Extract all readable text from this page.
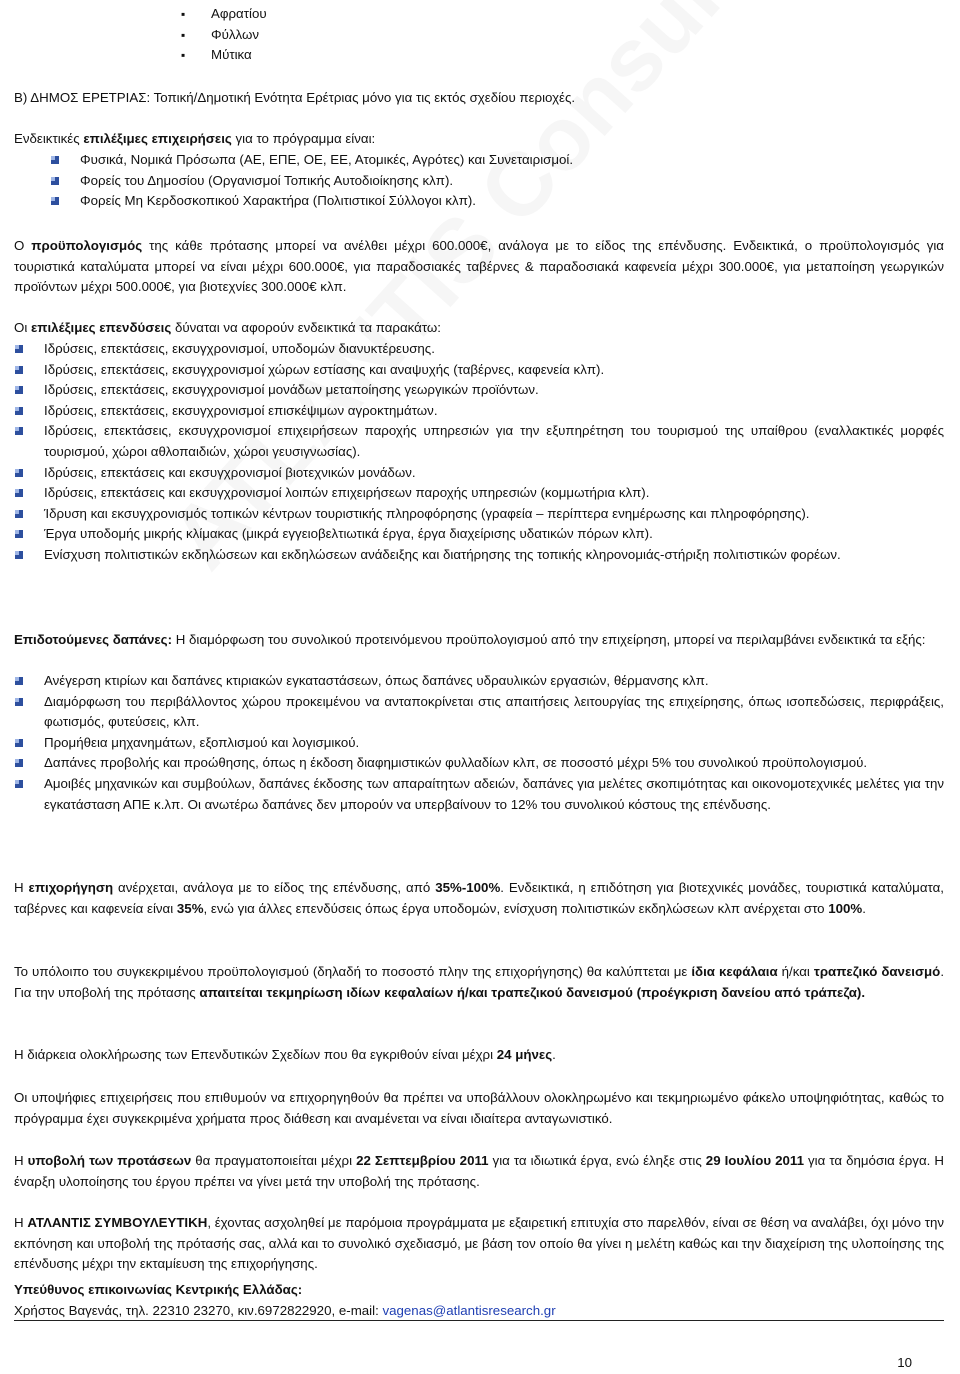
▪ Αφρατίου
▪ Φύλλων
▪ Μύτικα
Β) ΔΗΜΟΣ ΕΡΕΤΡΙΑΣ: Τοπική/Δημοτική Ενότητα Ερέτριας μόνο για τις εκτός σχεδίου περιοχές.
Ενδεικτικές επιλέξιμες επιχειρήσεις για το πρόγραμμα είναι:
Φυσικά, Νομικά Πρόσωπα (ΑΕ, ΕΠΕ, ΟΕ, ΕΕ, Ατομικές, Αγρότες) και Συνεταιρισμοί.
Φορείς του Δημοσίου (Οργανισμοί Τοπικής Αυτοδιοίκησης κλπ).
Φορείς Μη Κερδοσκοπικού Χαρακτήρα (Πολιτιστικοί Σύλλογοι κλπ).
Ο προϋπολογισμός της κάθε πρότασης μπορεί να ανέλθει μέχρι 600.000€, ανάλογα με το είδος της επένδυσης. Ενδεικτικά, ο προϋπολογισμός για τουριστικά καταλύματα μπορεί να είναι μέχρι 600.000€, για παραδοσιακές ταβέρνες & παραδοσιακά καφενεία μέχρι 300.000€, για μεταποίηση γεωργικών προϊόντων μέχρι 500.000€, για βιοτεχνίες 300.000€ κλπ.
Οι επιλέξιμες επενδύσεις δύναται να αφορούν ενδεικτικά τα παρακάτω:
Ιδρύσεις, επεκτάσεις, εκσυγχρονισμοί, υποδομών διανυκτέρευσης.
Ιδρύσεις, επεκτάσεις, εκσυγχρονισμοί χώρων εστίασης και αναψυχής (ταβέρνες, καφενεία κλπ).
Ιδρύσεις, επεκτάσεις, εκσυγχρονισμοί μονάδων μεταποίησης γεωργικών προϊόντων.
Ιδρύσεις, επεκτάσεις, εκσυγχρονισμοί επισκέψιμων αγροκτημάτων.
Ιδρύσεις, επεκτάσεις, εκσυγχρονισμοί επιχειρήσεων παροχής υπηρεσιών για την εξυπηρέτηση του τουρισμού της υπαίθρου (εναλλακτικές μορφές τουρισμού, χώροι αθλοπαιδιών, χώροι γευσιγνωσίας).
Ιδρύσεις, επεκτάσεις και εκσυγχρονισμοί βιοτεχνικών μονάδων.
Ιδρύσεις, επεκτάσεις και εκσυγχρονισμοί λοιπών επιχειρήσεων παροχής υπηρεσιών (κομμωτήρια κλπ).
Ίδρυση και εκσυγχρονισμός τοπικών κέντρων τουριστικής πληροφόρησης (γραφεία – περίπτερα ενημέρωσης και πληροφόρησης).
Έργα υποδομής μικρής κλίμακας (μικρά εγγειοβελτιωτικά έργα, έργα διαχείρισης υδατικών πόρων κλπ).
Ενίσχυση πολιτιστικών εκδηλώσεων και εκδηλώσεων ανάδειξης και διατήρησης της τοπικής κληρονομιάς-στήριξη πολιτιστικών φορέων.
Επιδοτούμενες δαπάνες: Η διαμόρφωση του συνολικού προτεινόμενου προϋπολογισμού από την επιχείρηση, μπορεί να περιλαμβάνει ενδεικτικά τα εξής:
Ανέγερση κτιρίων και δαπάνες κτιριακών εγκαταστάσεων, όπως δαπάνες υδραυλικών εργασιών, θέρμανσης κλπ.
Διαμόρφωση του περιβάλλοντος χώρου προκειμένου να ανταποκρίνεται στις απαιτήσεις λειτουργίας της επιχείρησης, όπως ισοπεδώσεις, περιφράξεις, φωτισμός, φυτεύσεις, κλπ.
Προμήθεια μηχανημάτων, εξοπλισμού και λογισμικού.
Δαπάνες προβολής και προώθησης, όπως η έκδοση διαφημιστικών φυλλαδίων κλπ, σε ποσοστό μέχρι 5% του συνολικού προϋπολογισμού.
Αμοιβές μηχανικών και συμβούλων, δαπάνες έκδοσης των απαραίτητων αδειών, δαπάνες για μελέτες σκοπιμότητας και οικονομοτεχνικές μελέτες για την εγκατάσταση ΑΠΕ κ.λπ. Οι ανωτέρω δαπάνες δεν μπορούν να υπερβαίνουν το 12% του συνολικού κόστους της επένδυσης.
Η επιχορήγηση ανέρχεται, ανάλογα με το είδος της επένδυσης, από 35%-100%. Ενδεικτικά, η επιδότηση για βιοτεχνικές μονάδες, τουριστικά καταλύματα, ταβέρνες και καφενεία είναι 35%, ενώ για άλλες επενδύσεις όπως έργα υποδομών, ενίσχυση πολιτιστικών εκδηλώσεων κλπ ανέρχεται στο 100%.
Το υπόλοιπο του συγκεκριμένου προϋπολογισμού (δηλαδή το ποσοστό πλην της επιχορήγησης) θα καλύπτεται με ίδια κεφάλαια ή/και τραπεζικό δανεισμό. Για την υποβολή της πρότασης απαιτείται τεκμηρίωση ιδίων κεφαλαίων ή/και τραπεζικού δανεισμού (προέγκριση δανείου από τράπεζα).
Η διάρκεια ολοκλήρωσης των Επενδυτικών Σχεδίων που θα εγκριθούν είναι μέχρι 24 μήνες.
Οι υποψήφιες επιχειρήσεις που επιθυμούν να επιχορηγηθούν θα πρέπει να υποβάλλουν ολοκληρωμένο και τεκμηριωμένο φάκελο υποψηφιότητας, καθώς το πρόγραμμα έχει συγκεκριμένα χρήματα προς διάθεση και αναμένεται να είναι ιδιαίτερα ανταγωνιστικό.
Η υποβολή των προτάσεων θα πραγματοποιείται μέχρι 22 Σεπτεμβρίου 2011 για τα ιδιωτικά έργα, ενώ έληξε στις 29 Ιουλίου 2011 για τα δημόσια έργα. Η έναρξη υλοποίησης του έργου πρέπει να γίνει μετά την υποβολή της πρότασης.
Η ΑΤΛΑΝΤΙΣ ΣΥΜΒΟΥΛΕΥΤΙΚΗ, έχοντας ασχοληθεί με παρόμοια προγράμματα με εξαιρετική επιτυχία στο παρελθόν, είναι σε θέση να αναλάβει, όχι μόνο την εκπόνηση και υποβολή της πρότασής σας, αλλά και το συνολικό σχεδιασμό, με βάση τον οποίο θα γίνει η μελέτη καθώς και την διαχείριση της υλοποίησης της επένδυσης μέχρι την εκταμίευση της επιχορήγησης.
Υπεύθυνος επικοινωνίας Κεντρικής Ελλάδας:
Χρήστος Βαγενάς, τηλ. 22310 23270, κιν.6972822920, e-mail: vagenas@atlantisresearch.gr
10
